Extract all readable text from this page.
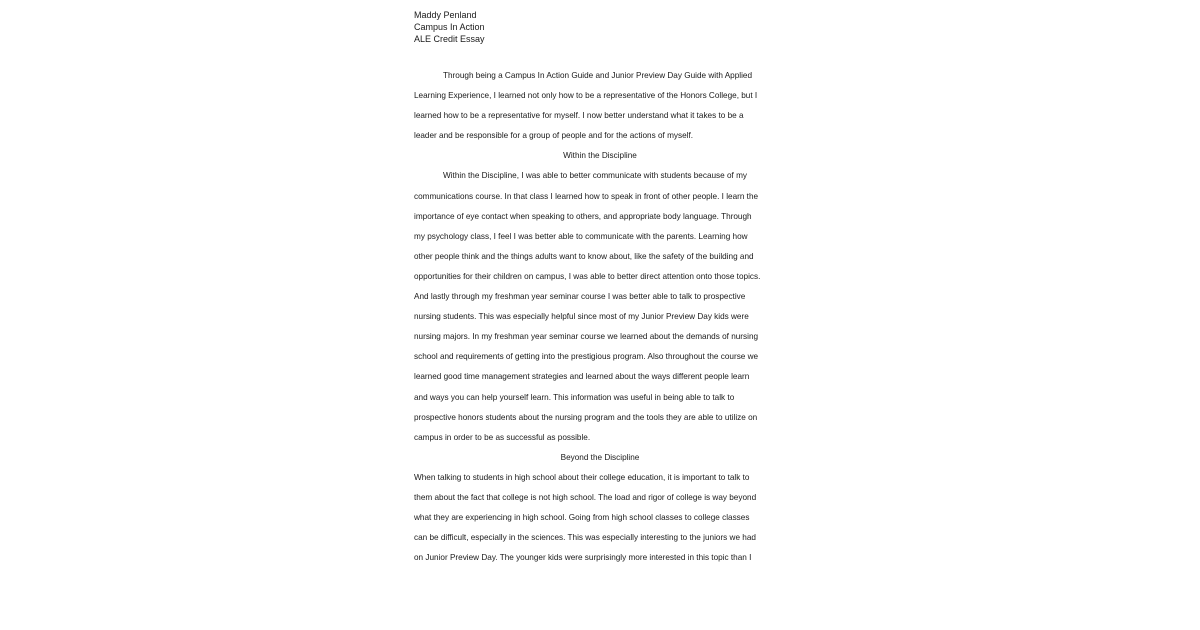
Maddy Penland
Campus In Action
ALE Credit Essay
Through being a Campus In Action Guide and Junior Preview Day Guide with Applied
Learning Experience, I learned not only how to be a representative of the Honors College, but I
learned how to be a representative for myself. I now better understand what it takes to be a
leader and be responsible for a group of people and for the actions of myself.
Within the Discipline
Within the Discipline, I was able to better communicate with students because of my
communications course. In that class I learned how to speak in front of other people. I learn the
importance of eye contact when speaking to others, and appropriate body language. Through
my psychology class, I feel I was better able to communicate with the parents. Learning how
other people think and the things adults want to know about, like the safety of the building and
opportunities for their children on campus, I was able to better direct attention onto those topics.
And lastly through my freshman year seminar course I was better able to talk to prospective
nursing students. This was especially helpful since most of my Junior Preview Day kids were
nursing majors. In my freshman year seminar course we learned about the demands of nursing
school and requirements of getting into the prestigious program. Also throughout the course we
learned good time management strategies and learned about the ways different people learn
and ways you can help yourself learn. This information was useful in being able to talk to
prospective honors students about the nursing program and the tools they are able to utilize on
campus in order to be as successful as possible.
Beyond the Discipline
When talking to students in high school about their college education, it is important to talk to
them about the fact that college is not high school. The load and rigor of college is way beyond
what they are experiencing in high school. Going from high school classes to college classes
can be difficult, especially in the sciences. This was especially interesting to the juniors we had
on Junior Preview Day. The younger kids were surprisingly more interested in this topic than I
